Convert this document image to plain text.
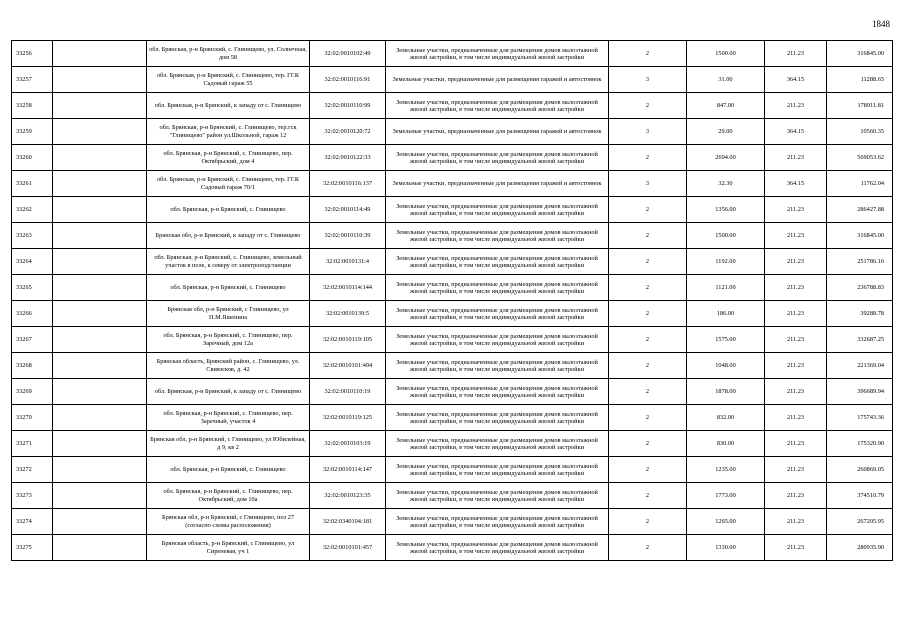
1848
33256		обл. Брянская, р-н Брянский, с. Глинищево, ул. Солнечная, дом 58	32:02:0010102:49	Земельные участки, предназначенные для размещения домов малоэтажной жилой застройки, в том числе индивидуальной жилой застройки	2	1500.00	211.23	316845.00
33257		обл. Брянская, р-н Брянский, с. Глинищево, тер. ГСК Садовый гараж 55	32:02:0010116:91	Земельные участки, предназначенные для размещения гаражей и автостоянок	3	31.00	364.15	11288.65
33258		обл. Брянская, р-н Брянский, к западу от с. Глинищево	32:02:0010110:99	Земельные участки, предназначенные для размещения домов малоэтажной жилой застройки, в том числе индивидуальной жилой застройки	2	847.00	211.23	178911.81
33259		обл. Брянская, р-н Брянский, с. Глинищево, тер.гск "Глинищево" район ул.Школьной, гараж 12	32:02:0010120:72	Земельные участки, предназначенные для размещения гаражей и автостоянок	3	29.00	364.15	10560.35
33260		обл. Брянская, р-н Брянский, с. Глинищево, пер. Октябрьский, дом 4	32:02:0010122:33	Земельные участки, предназначенные для размещения домов малоэтажной жилой застройки, в том числе индивидуальной жилой застройки	2	2694.00	211.23	569053.62
33261		обл. Брянская, р-н Брянский, с. Глинищево, тер. ГСК Садовый гараж 70/1	32:02:0010116:137	Земельные участки, предназначенные для размещения гаражей и автостоянок	3	32.30	364.15	11762.04
33262		обл. Брянская, р-н Брянский, с. Глинищево	32:02:0010114:49	Земельные участки, предназначенные для размещения домов малоэтажной жилой застройки, в том числе индивидуальной жилой застройки	2	1356.00	211.23	286427.88
33263		Брянская обл, р-н Брянский, к западу от с. Глинищево	32:02:0010110:39	Земельные участки, предназначенные для размещения домов малоэтажной жилой застройки, в том числе индивидуальной жилой застройки	2	1500.00	211.23	316845.00
33264		обл. Брянская, р-н Брянский, с. Глинищево, земельный участок в поле, к северу от электроподстанции	32:02:0010131:4	Земельные участки, предназначенные для размещения домов малоэтажной жилой застройки, в том числе индивидуальной жилой застройки	2	1192.00	211.23	251786.16
33265		обл. Брянская, р-н Брянский, с. Глинищево	32:02:0010114:144	Земельные участки, предназначенные для размещения домов малоэтажной жилой застройки, в том числе индивидуальной жилой застройки	2	1121.00	211.23	236788.83
33266		Брянская обл, р-н Брянский, с Глинищево, ул П.М.Яшенина	32:02:0010139:5	Земельные участки, предназначенные для размещения домов малоэтажной жилой застройки, в том числе индивидуальной жилой застройки	2	186.00	211.23	39288.78
33267		обл. Брянская, р-н Брянский, с. Глинищево, пер. Заречный, дом 12а	32:02:0010119:105	Земельные участки, предназначенные для размещения домов малоэтажной жилой застройки, в том числе индивидуальной жилой застройки	2	1575.00	211.23	332687.25
33268		Брянская область, Брянский район, с. Глинищево, ул. Свиязсков, д. 42	32:02:0010101:494	Земельные участки, предназначенные для размещения домов малоэтажной жилой застройки, в том числе индивидуальной жилой застройки	2	1048.00	211.23	221369.04
33269		обл. Брянская, р-н Брянский, к западу от с. Глинищево	32:02:0010110:19	Земельные участки, предназначенные для размещения домов малоэтажной жилой застройки, в том числе индивидуальной жилой застройки	2	1878.00	211.23	396689.94
33270		обл. Брянская, р-н Брянский, с. Глинищево, пер. Заречный, участок 4	32:02:0010119:125	Земельные участки, предназначенные для размещения домов малоэтажной жилой застройки, в том числе индивидуальной жилой застройки	2	832.00	211.23	175743.36
33271		Брянская обл, р-н Брянский, с Глинищево, ул Юбилейная, д 9, кв 2	32:02:0010103:19	Земельные участки, предназначенные для размещения домов малоэтажной жилой застройки, в том числе индивидуальной жилой застройки	2	830.00	211.23	175320.90
33272		обл. Брянская, р-н Брянский, с. Глинищево	32:02:0010114:147	Земельные участки, предназначенные для размещения домов малоэтажной жилой застройки, в том числе индивидуальной жилой застройки	2	1235.00	211.23	260869.05
33273		обл. Брянская, р-н Брянский, с. Глинищево, пер. Октябрьский, дом 10а	32:02:0010123:35	Земельные участки, предназначенные для размещения домов малоэтажной жилой застройки, в том числе индивидуальной жилой застройки	2	1773.00	211.23	374510.79
33274		Брянская обл, р-н Брянский, с Глинищево, поз 27 (согласно схемы расположения)	32:02:0340104:181	Земельные участки, предназначенные для размещения домов малоэтажной жилой застройки, в том числе индивидуальной жилой застройки	2	1265.00	211.23	267205.95
33275		Брянская область, р-н Брянский, с Глинищево, ул Сиреневая, уч 1	32:02:0010101:457	Земельные участки, предназначенные для размещения домов малоэтажной жилой застройки, в том числе индивидуальной жилой застройки	2	1330.00	211.23	280935.90
